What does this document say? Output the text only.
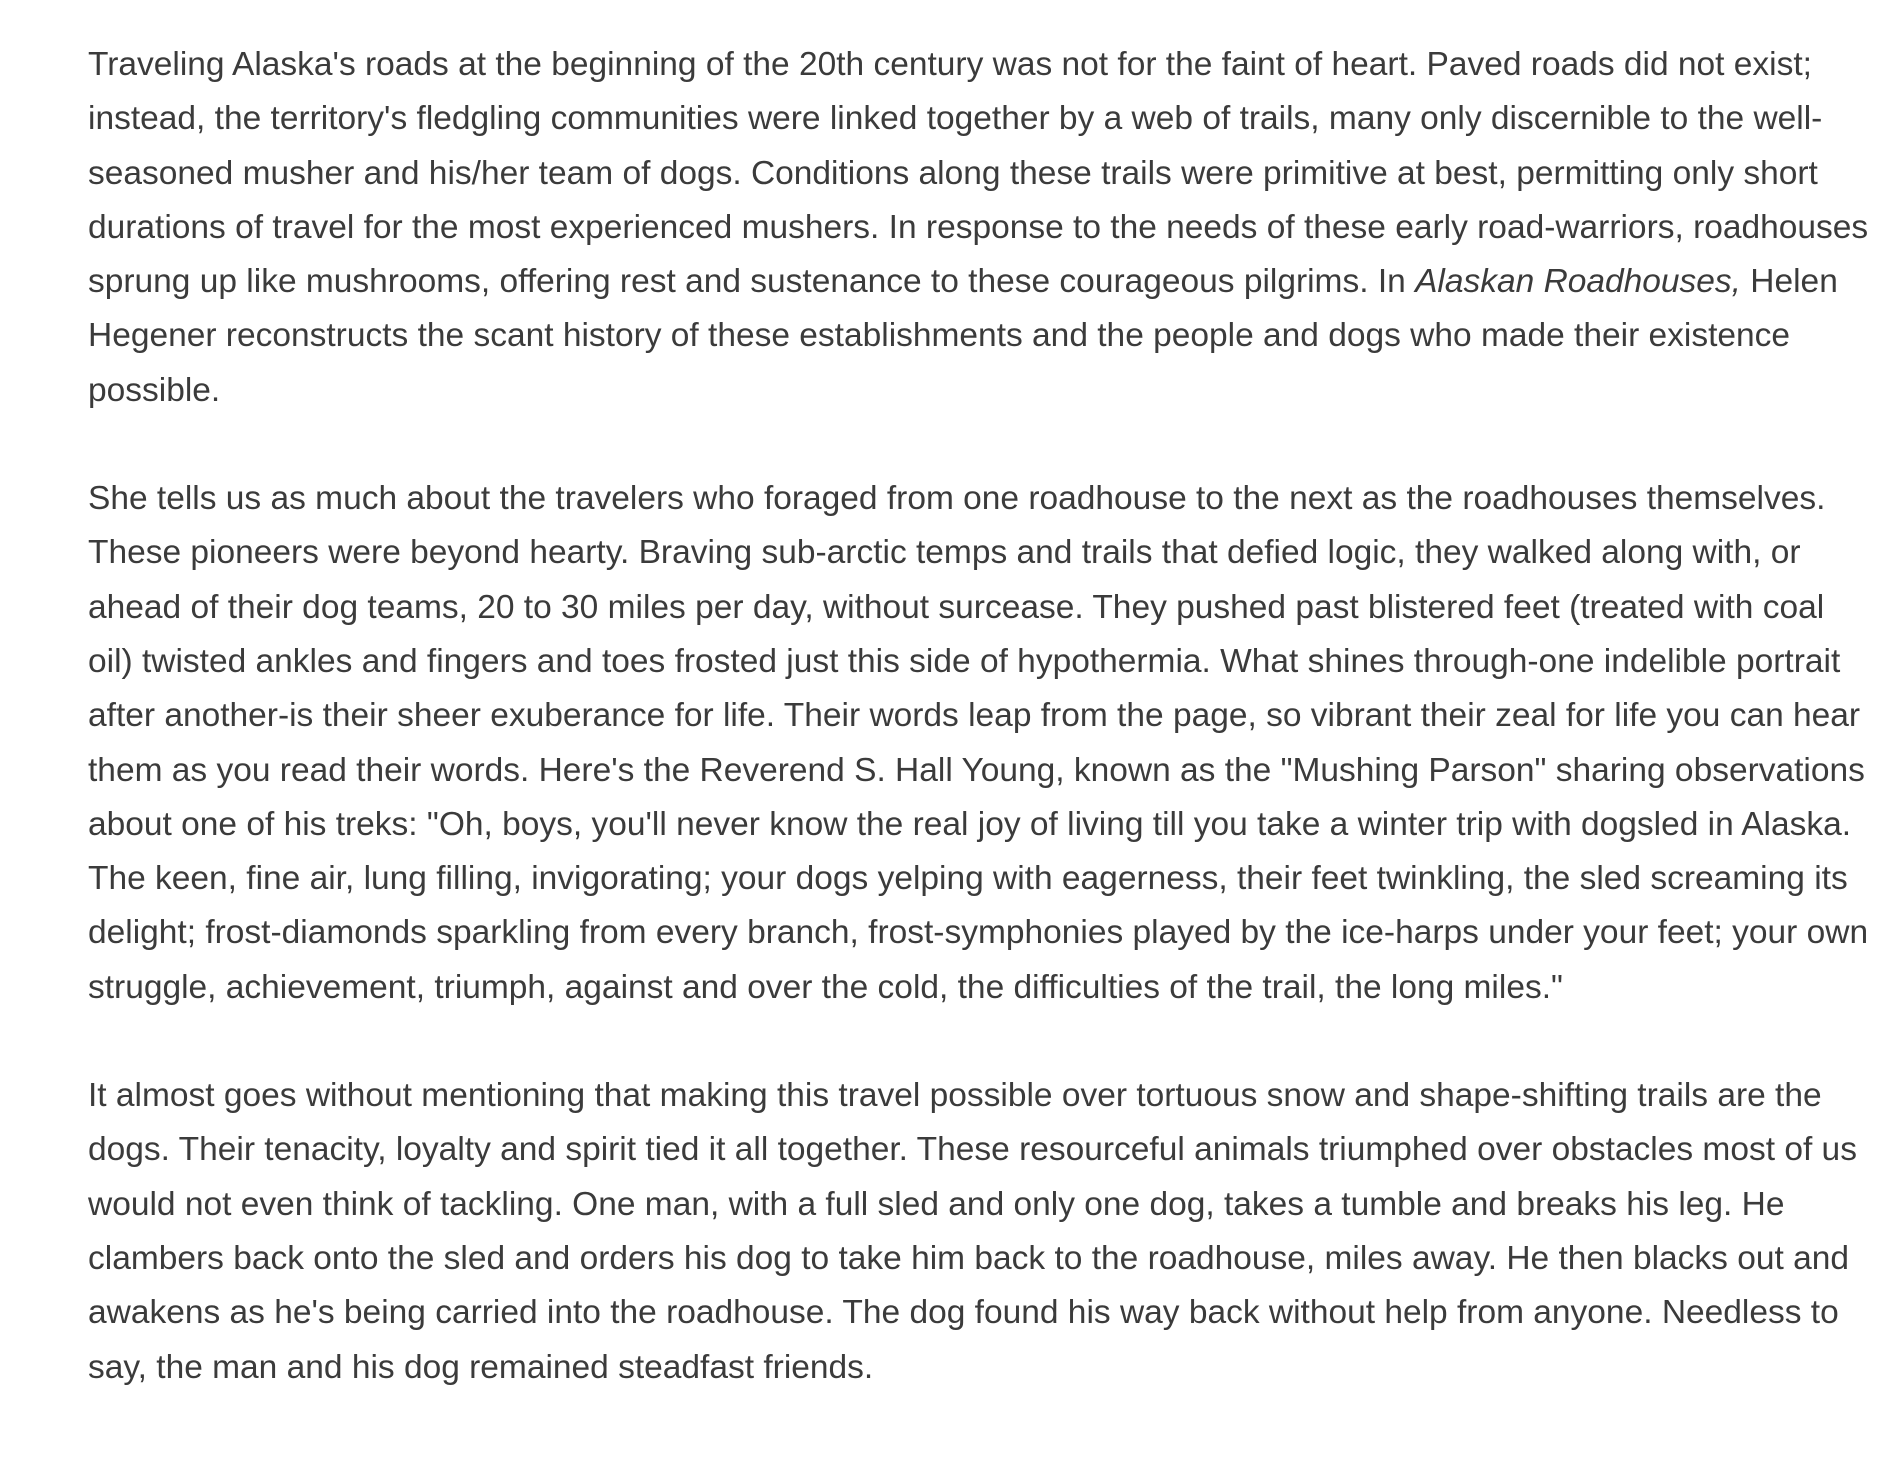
Traveling Alaska's roads at the beginning of the 20th century was not for the faint of heart. Paved roads did not exist; instead, the territory's fledgling communities were linked together by a web of trails, many only discernible to the well-seasoned musher and his/her team of dogs. Conditions along these trails were primitive at best, permitting only short durations of travel for the most experienced mushers. In response to the needs of these early road-warriors, roadhouses sprung up like mushrooms, offering rest and sustenance to these courageous pilgrims. In Alaskan Roadhouses, Helen Hegener reconstructs the scant history of these establishments and the people and dogs who made their existence possible.

She tells us as much about the travelers who foraged from one roadhouse to the next as the roadhouses themselves. These pioneers were beyond hearty. Braving sub-arctic temps and trails that defied logic, they walked along with, or ahead of their dog teams, 20 to 30 miles per day, without surcease. They pushed past blistered feet (treated with coal oil) twisted ankles and fingers and toes frosted just this side of hypothermia. What shines through-one indelible portrait after another-is their sheer exuberance for life. Their words leap from the page, so vibrant their zeal for life you can hear them as you read their words. Here's the Reverend S. Hall Young, known as the "Mushing Parson" sharing observations about one of his treks: "Oh, boys, you'll never know the real joy of living till you take a winter trip with dogsled in Alaska. The keen, fine air, lung filling, invigorating; your dogs yelping with eagerness, their feet twinkling, the sled screaming its delight; frost-diamonds sparkling from every branch, frost-symphonies played by the ice-harps under your feet; your own struggle, achievement, triumph, against and over the cold, the difficulties of the trail, the long miles."

It almost goes without mentioning that making this travel possible over tortuous snow and shape-shifting trails are the dogs. Their tenacity, loyalty and spirit tied it all together. These resourceful animals triumphed over obstacles most of us would not even think of tackling. One man, with a full sled and only one dog, takes a tumble and breaks his leg. He clambers back onto the sled and orders his dog to take him back to the roadhouse, miles away. He then blacks out and awakens as he's being carried into the roadhouse. The dog found his way back without help from anyone. Needless to say, the man and his dog remained steadfast friends.
